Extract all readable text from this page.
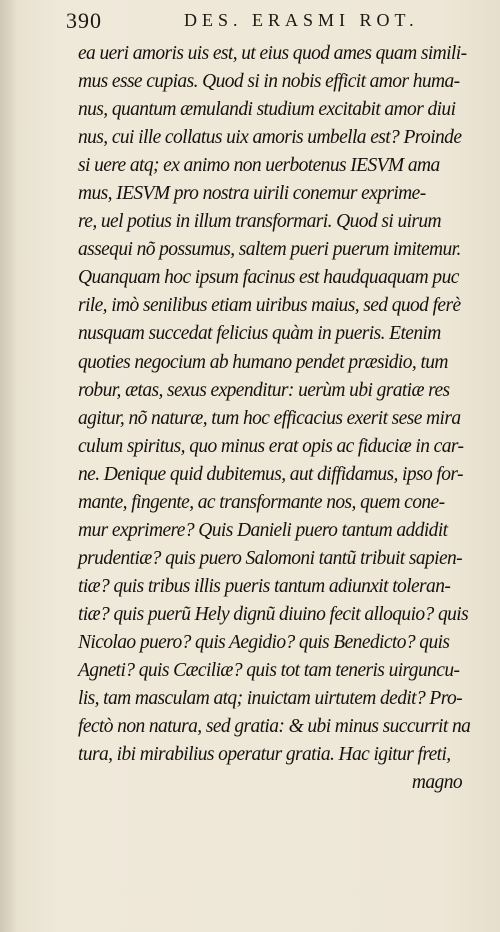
390	DES. ERASMI ROT.
ea ueri amoris uis est, ut eius quod ames quam simili-
mus esse cupias. Quod si in nobis efficit amor huma-
nus, quantum æmulandi studium excitabit amor diui
nus, cui ille collatus uix amoris umbella est? Proinde
si uere atq; ex animo non uerbotenus IESVM ama
mus, IESVM pro nostra uirili conemur exprime-
re, uel potius in illum transformari. Quod si uirum
assequi nõ possumus, saltem pueri puerum imitemur.
Quanquam hoc ipsum facinus est haudquaquam puc
rile, imò senilibus etiam uiribus maius, sed quod ferè
nusquam succedat felicius quàm in pueris. Etenim
quoties negocium ab humano pendet præsidio, tum
robur, ætas, sexus expenditur: uerùm ubi gratiæ res
agitur, nõ naturæ, tum hoc efficacius exerit sese mira
culum spiritus, quo minus erat opis ac fiduciæ in car-
ne. Denique quid dubitemus, aut diffidamus, ipso for-
mante, fingente, ac transformante nos, quem cone-
mur exprimere? Quis Danieli puero tantum addidit
prudentiæ? quis puero Salomoni tantũ tribuit sapien-
tiæ? quis tribus illis pueris tantum adiunxit toleran-
tiæ? quis puerũ Hely dignũ diuino fecit alloquio? quis
Nicolao puero? quis Aegidio? quis Benedicto? quis
Agneti? quis Cæciliæ? quis tot tam teneris uirguncu-
lis, tam masculam atq; inuictam uirtutem dedit? Pro-
fectò non natura, sed gratia: & ubi minus succurrit na
tura, ibi mirabilius operatur gratia. Hac igitur freti,
magno
